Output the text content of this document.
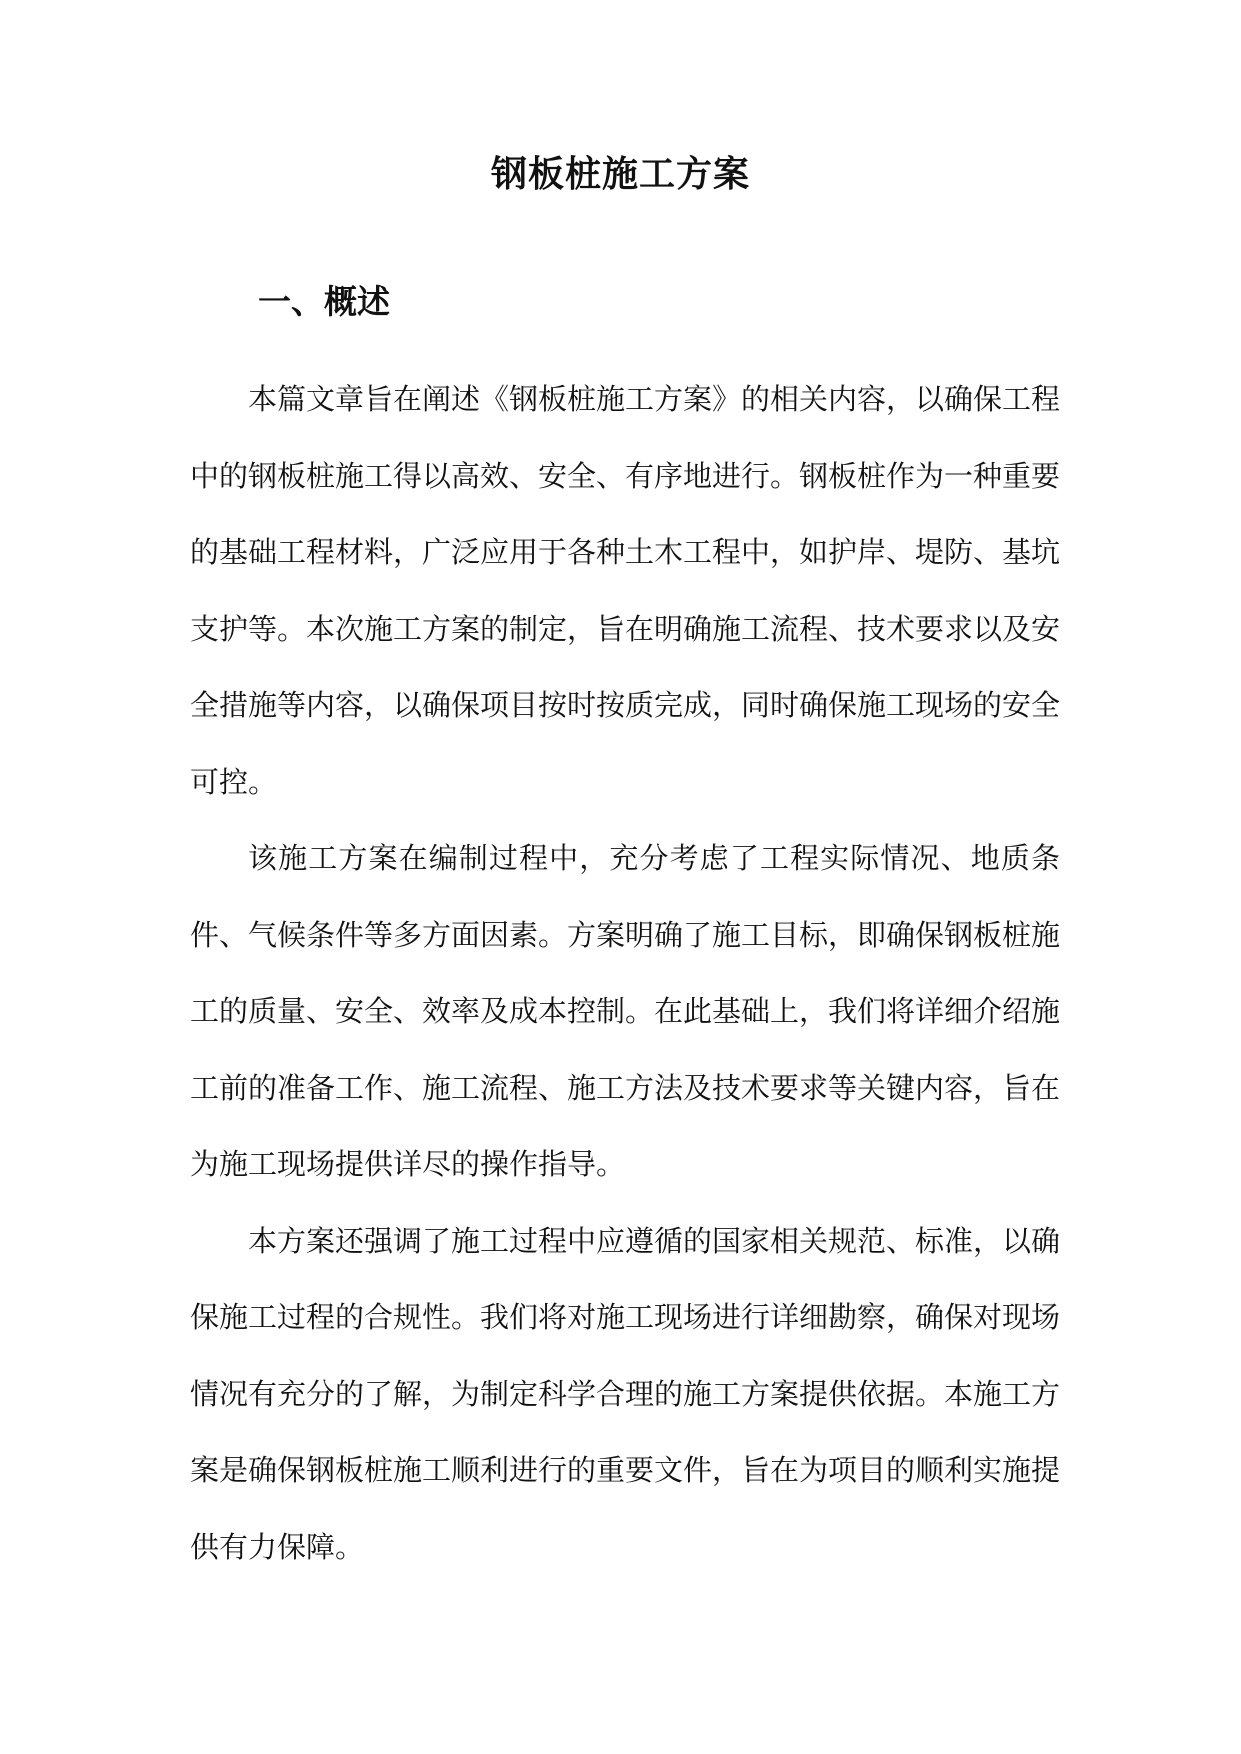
钢板桩施工方案
一、概述

本篇文章旨在阐述《钢板桩施工方案》的相关内容，以确保工程中的钢板桩施工得以高效、安全、有序地进行。钢板桩作为一种重要的基础工程材料，广泛应用于各种土木工程中，如护岸、堤防、基坑支护等。本次施工方案的制定，旨在明确施工流程、技术要求以及安全措施等内容，以确保项目按时按质完成，同时确保施工现场的安全可控。

该施工方案在编制过程中，充分考虑了工程实际情况、地质条件、气候条件等多方面因素。方案明确了施工目标，即确保钢板桩施工的质量、安全、效率及成本控制。在此基础上，我们将详细介绍施工前的准备工作、施工流程、施工方法及技术要求等关键内容，旨在为施工现场提供详尽的操作指导。

本方案还强调了施工过程中应遵循的国家相关规范、标准，以确保施工过程的合规性。我们将对施工现场进行详细勘察，确保对现场情况有充分的了解，为制定科学合理的施工方案提供依据。本施工方案是确保钢板桩施工顺利进行的重要文件，旨在为项目的顺利实施提供有力保障。
